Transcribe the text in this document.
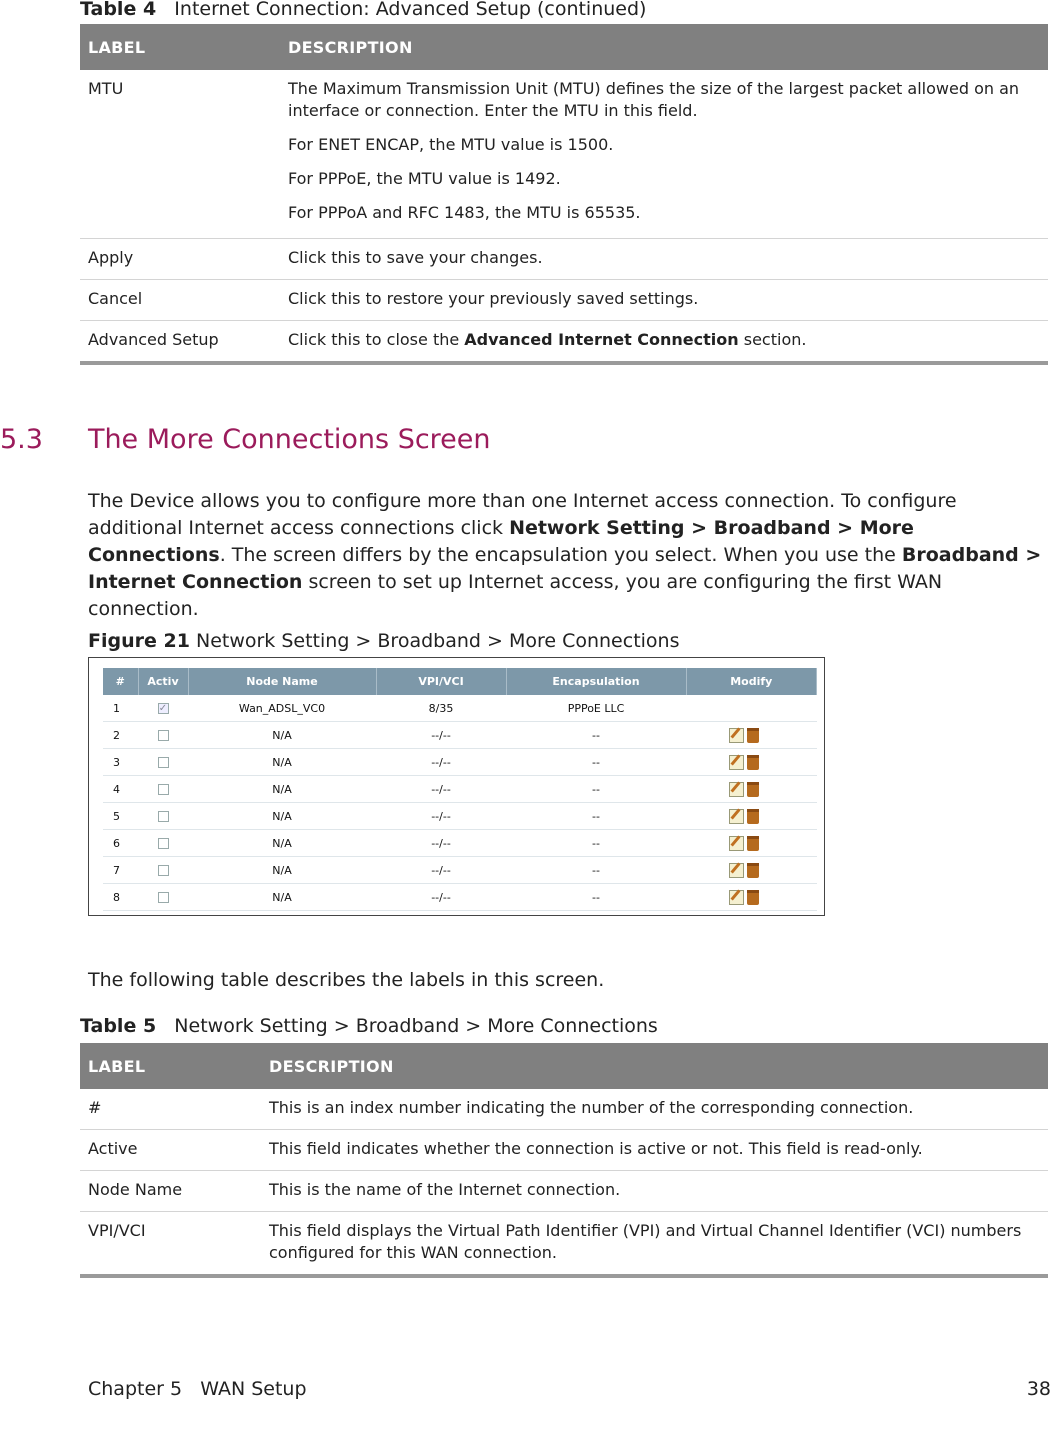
Table 4 Internet Connection: Advanced Setup (continued)
LABEL	DESCRIPTION
MTU	The Maximum Transmission Unit (MTU) defines the size of the largest packet allowed on an interface or connection. Enter the MTU in this field.

For ENET ENCAP, the MTU value is 1500.

For PPPoE, the MTU value is 1492.

For PPPoA and RFC 1483, the MTU is 65535.

Apply	Click this to save your changes.
Cancel	Click this to restore your previously saved settings.
Advanced Setup	Click this to close the Advanced Internet Connection section.
5.3 The More Connections Screen
The Device allows you to configure more than one Internet access connection. To configure additional Internet access connections click Network Setting > Broadband > More Connections. The screen differs by the encapsulation you select. When you use the Broadband > Internet Connection screen to set up Internet access, you are configuring the first WAN connection.
Figure 21 Network Setting > Broadband > More Connections
#	Activ	Node Name	VPI/VCI	Encapsulation	Modify
1	✓	Wan_ADSL_VC0	8/35	PPPoE LLC	
2		N/A	--/--	--	
3		N/A	--/--	--	
4		N/A	--/--	--	
5		N/A	--/--	--	
6		N/A	--/--	--	
7		N/A	--/--	--	
8		N/A	--/--	--	
The following table describes the labels in this screen.
Table 5 Network Setting > Broadband > More Connections
LABEL	DESCRIPTION
#	This is an index number indicating the number of the corresponding connection.
Active	This field indicates whether the connection is active or not. This field is read-only.
Node Name	This is the name of the Internet connection.
VPI/VCI	This field displays the Virtual Path Identifier (VPI) and Virtual Channel Identifier (VCI) numbers configured for this WAN connection.
Chapter 5 WAN Setup	38
